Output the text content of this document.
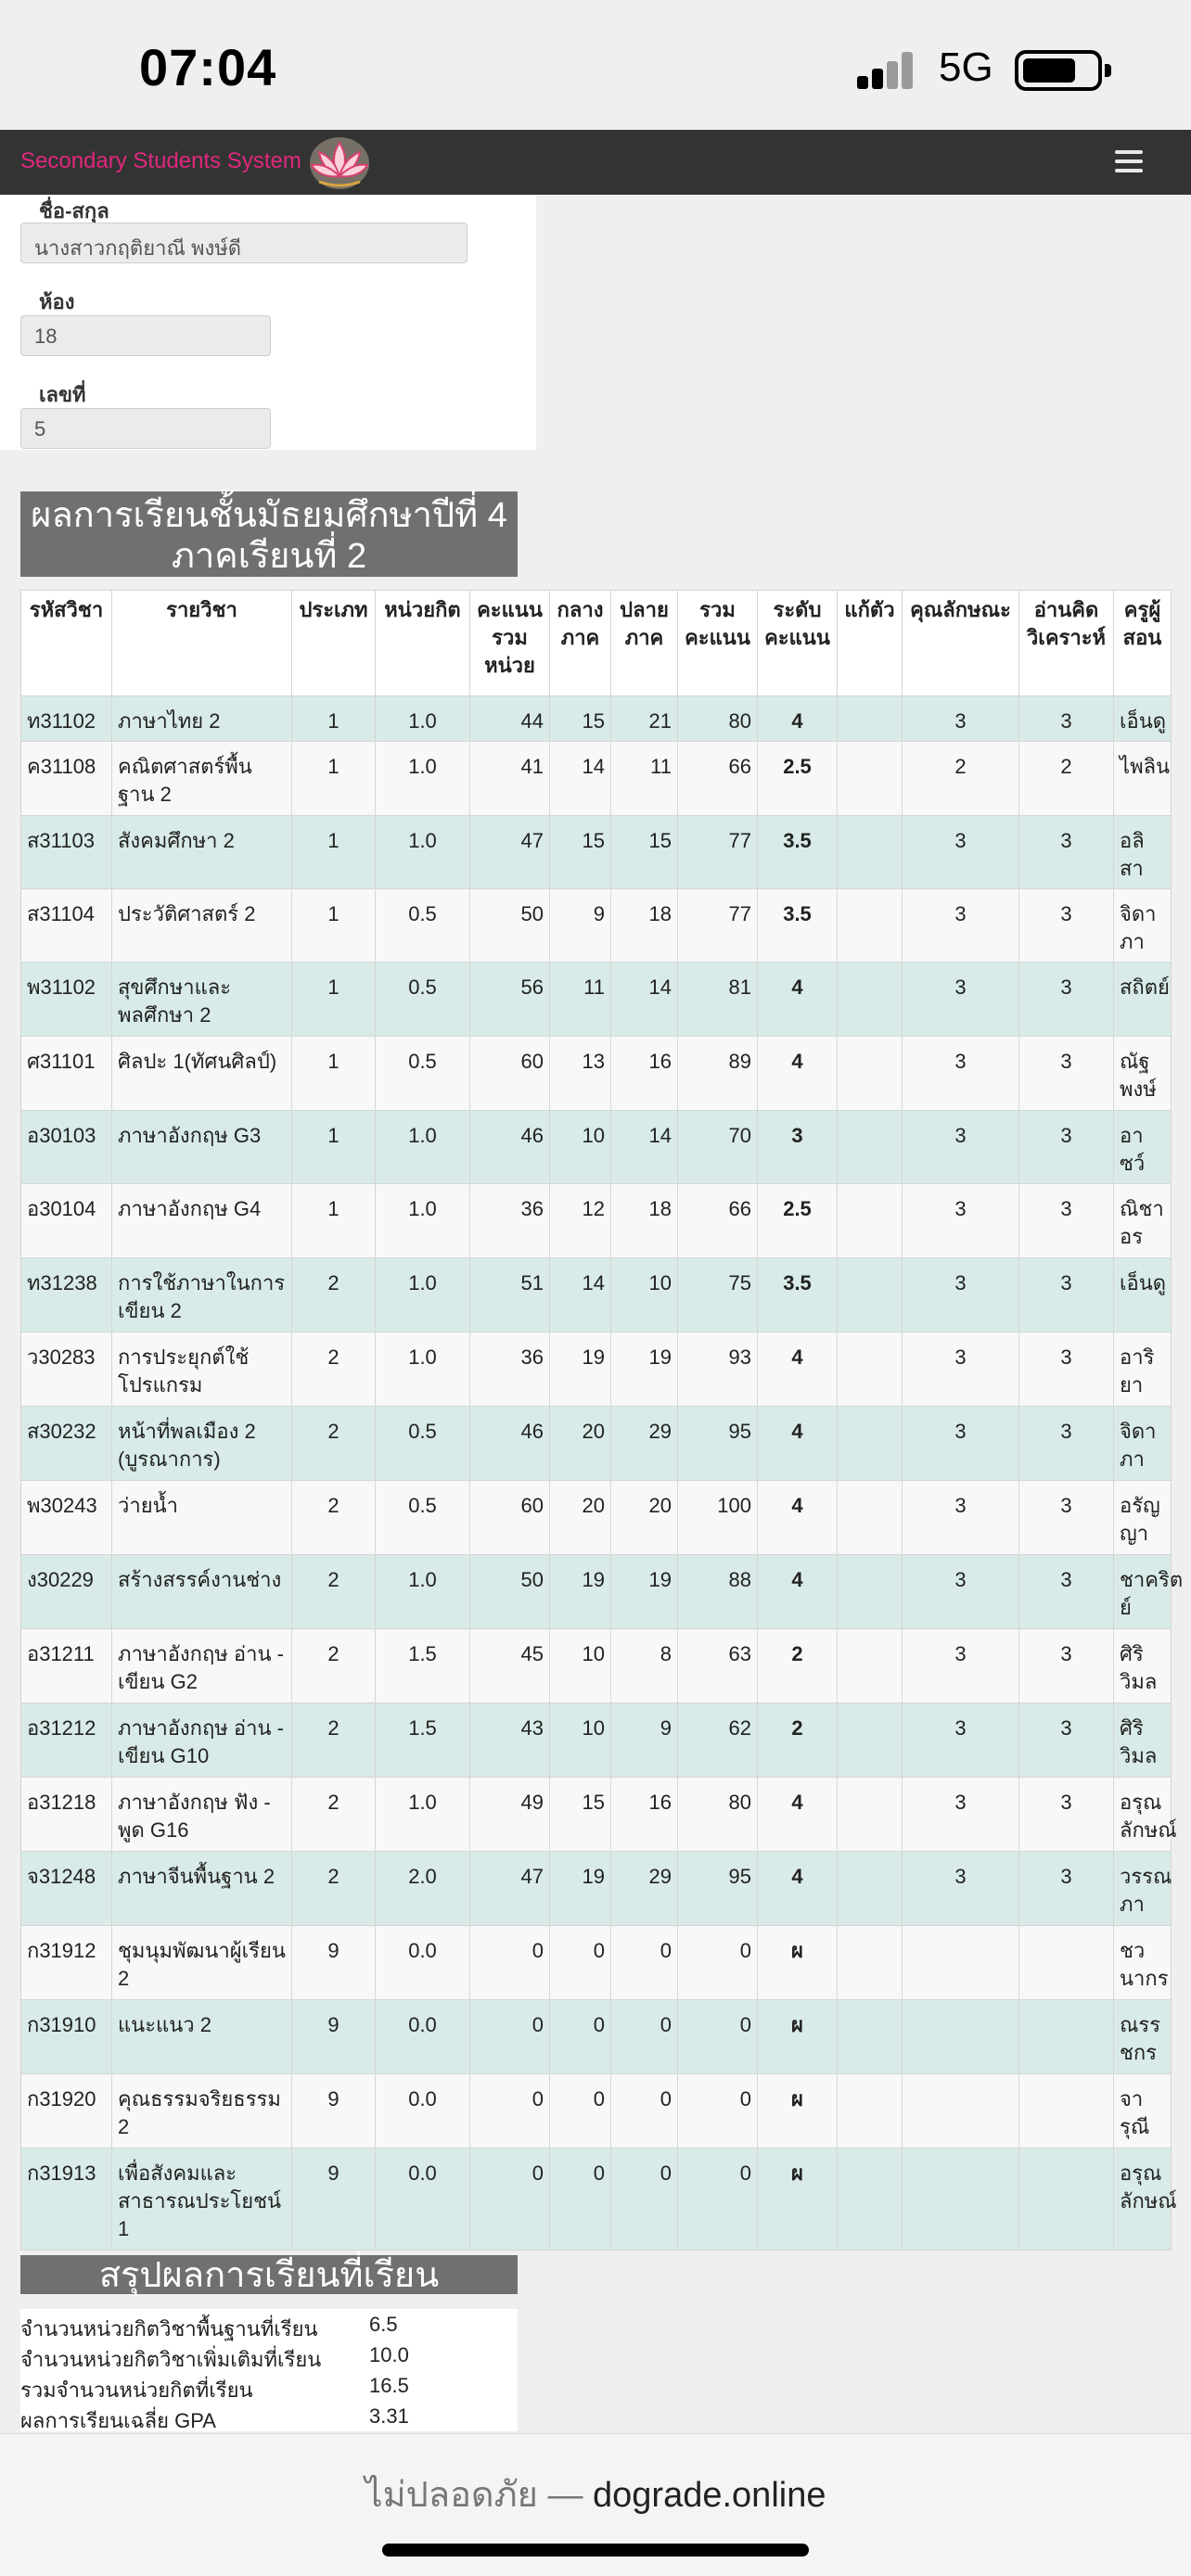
07:04	5G
Secondary Students System
ชื่อ-สกุล
นางสาวกฤติยาณี พงษ์ดี
ห้อง
18
เลขที่
5
ผลการเรียนชั้นมัธยมศึกษาปีที่ 4
ภาคเรียนที่ 2
รหัสวิชา	รายวิชา	ประเภท	หน่วยกิต	คะแนนรวมหน่วย	กลางภาค	ปลายภาค	รวมคะแนน	ระดับคะแนน	แก้ตัว	คุณลักษณะ	อ่านคิดวิเคราะห์	ครูผู้สอน
ท31102	ภาษาไทย 2	1	1.0	44	15	21	80	4		3	3	เอ็นดู
ค31108	คณิตศาสตร์พื้นฐาน 2	1	1.0	41	14	11	66	2.5		2	2	ไพลิน
ส31103	สังคมศึกษา 2	1	1.0	47	15	15	77	3.5		3	3	อลิสา
ส31104	ประวัติศาสตร์ 2	1	0.5	50	9	18	77	3.5		3	3	จิดาภา
พ31102	สุขศึกษาและพลศึกษา 2	1	0.5	56	11	14	81	4		3	3	สถิตย์
ศ31101	ศิลปะ 1(ทัศนศิลป์)	1	0.5	60	13	16	89	4		3	3	ณัฐพงษ์
อ30103	ภาษาอังกฤษ G3	1	1.0	46	10	14	70	3		3	3	อาซว์
อ30104	ภาษาอังกฤษ G4	1	1.0	36	12	18	66	2.5		3	3	ณิชาอร
ท31238	การใช้ภาษาในการเขียน 2	2	1.0	51	14	10	75	3.5		3	3	เอ็นดู
ว30283	การประยุกต์ใช้โปรแกรม	2	1.0	36	19	19	93	4		3	3	อาริยา
ส30232	หน้าที่พลเมือง 2 (บูรณาการ)	2	0.5	46	20	29	95	4		3	3	จิดาภา
พ30243	ว่ายน้ำ	2	0.5	60	20	20	100	4		3	3	อรัญญา
ง30229	สร้างสรรค์งานช่าง	2	1.0	50	19	19	88	4		3	3	ชาคริตย์
อ31211	ภาษาอังกฤษ อ่าน - เขียน G2	2	1.5	45	10	8	63	2		3	3	ศิริวิมล
อ31212	ภาษาอังกฤษ อ่าน - เขียน G10	2	1.5	43	10	9	62	2		3	3	ศิริวิมล
อ31218	ภาษาอังกฤษ ฟัง - พูด G16	2	1.0	49	15	16	80	4		3	3	อรุณลักษณ์
จ31248	ภาษาจีนพื้นฐาน 2	2	2.0	47	19	29	95	4		3	3	วรรณภา
ก31912	ชุมนุมพัฒนาผู้เรียน 2	9	0.0	0	0	0	0	ผ				ชวนากร
ก31910	แนะแนว 2	9	0.0	0	0	0	0	ผ				ณรรชกร
ก31920	คุณธรรมจริยธรรม 2	9	0.0	0	0	0	0	ผ				จารุณี
ก31913	เพื่อสังคมและสาธารณประโยชน์ 1	9	0.0	0	0	0	0	ผ				อรุณลักษณ์
สรุปผลการเรียนที่เรียน
จำนวนหน่วยกิตวิชาพื้นฐานที่เรียน	6.5
จำนวนหน่วยกิตวิชาเพิ่มเติมที่เรียน 10.0
รวมจำนวนหน่วยกิตที่เรียน	16.5
ผลการเรียนเฉลี่ย GPA	3.31
ไม่ปลอดภัย — dograde.online
